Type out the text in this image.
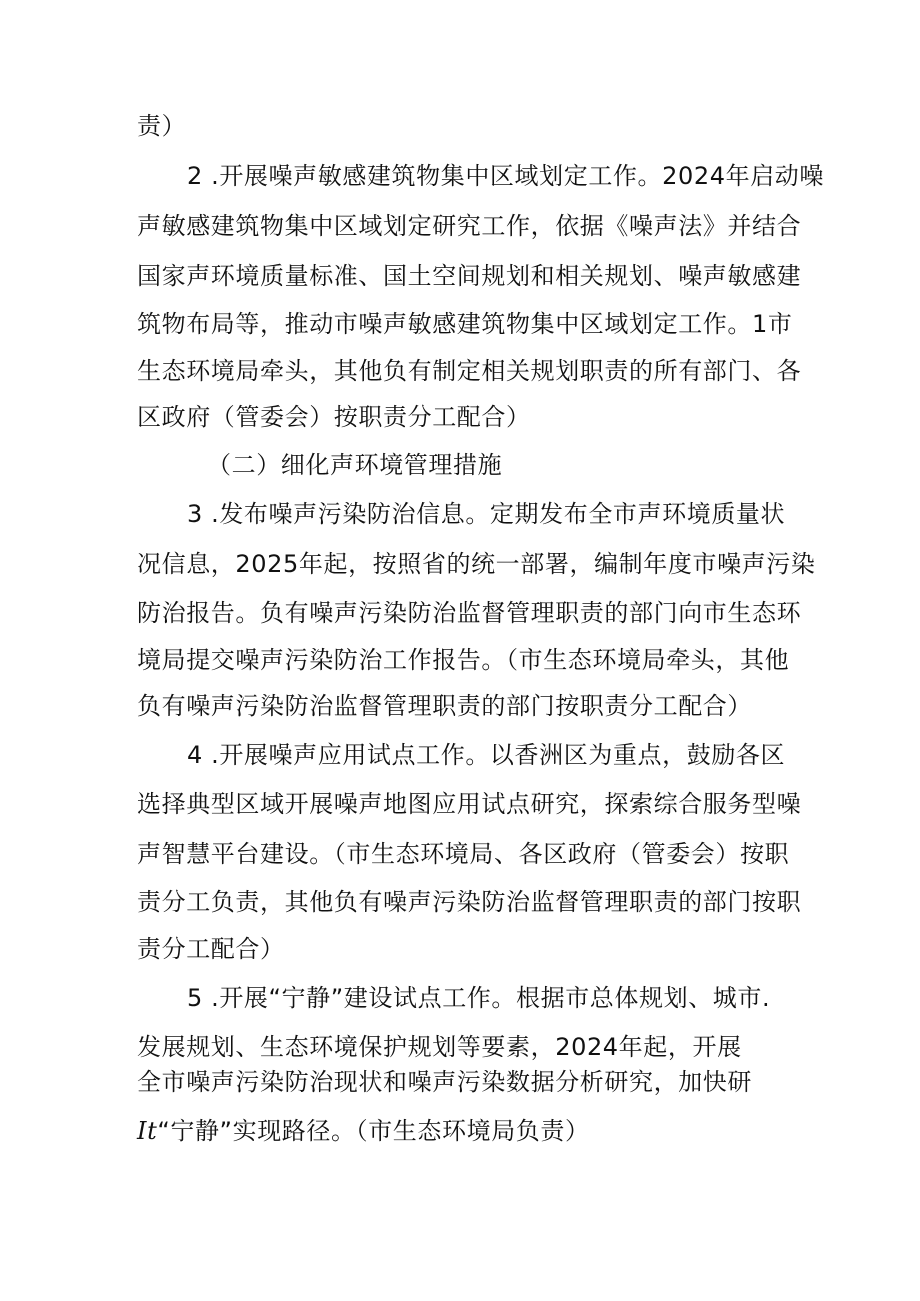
责）
2 .开展噪声敏感建筑物集中区域划定工作。2024年启动噪
声敏感建筑物集中区域划定研究工作，依据《噪声法》并结合
国家声环境质量标准、国土空间规划和相关规划、噪声敏感建
筑物布局等，推动市噪声敏感建筑物集中区域划定工作。1市
生态环境局牵头，其他负有制定相关规划职责的所有部门、各
区政府（管委会）按职责分工配合）
（二）细化声环境管理措施
3 .发布噪声污染防治信息。定期发布全市声环境质量状
况信息，2025年起，按照省的统一部署，编制年度市噪声污染
防治报告。负有噪声污染防治监督管理职责的部门向市生态环
境局提交噪声污染防治工作报告。（市生态环境局牵头，其他
负有噪声污染防治监督管理职责的部门按职责分工配合）
4 .开展噪声应用试点工作。以香洲区为重点，鼓励各区
选择典型区域开展噪声地图应用试点研究，探索综合服务型噪
声智慧平台建设。（市生态环境局、各区政府（管委会）按职
责分工负责，其他负有噪声污染防治监督管理职责的部门按职
责分工配合）
5 .开展“宁静”建设试点工作。根据市总体规划、城市.
发展规划、生态环境保护规划等要素，2024年起，开展
全市噪声污染防治现状和噪声污染数据分析研究，加快研
It“宁静”实现路径。（市生态环境局负责）
